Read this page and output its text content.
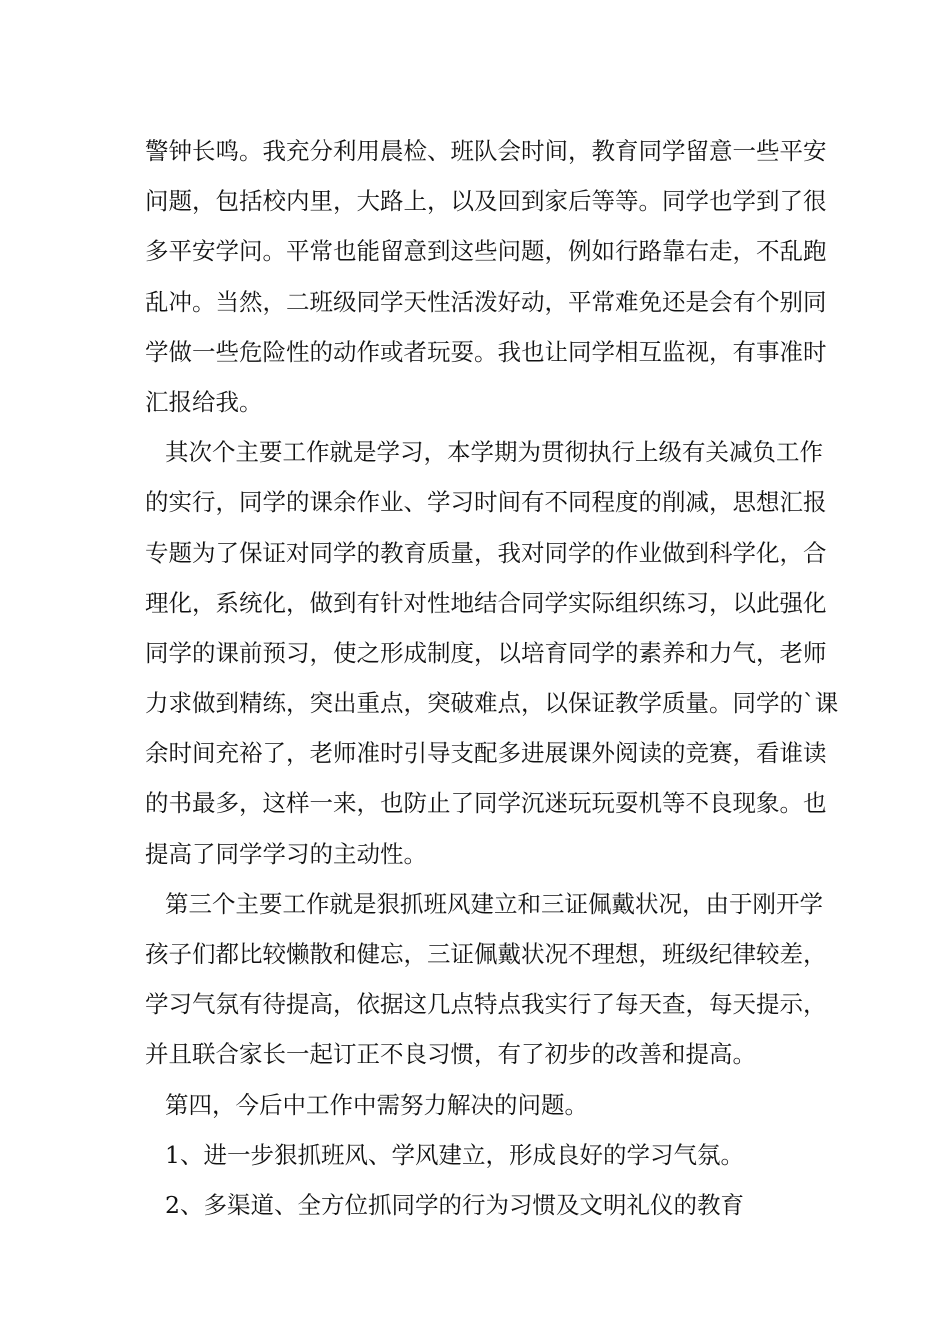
警钟长鸣。我充分利用晨检、班队会时间，教育同学留意一些平安
问题，包括校内里，大路上，以及回到家后等等。同学也学到了很
多平安学问。平常也能留意到这些问题，例如行路靠右走，不乱跑
乱冲。当然，二班级同学天性活泼好动，平常难免还是会有个别同
学做一些危险性的动作或者玩耍。我也让同学相互监视，有事准时
汇报给我。
其次个主要工作就是学习，本学期为贯彻执行上级有关减负工作
的实行，同学的课余作业、学习时间有不同程度的削减，思想汇报
专题为了保证对同学的教育质量，我对同学的作业做到科学化，合
理化，系统化，做到有针对性地结合同学实际组织练习，以此强化
同学的课前预习，使之形成制度，以培育同学的素养和力气，老师
力求做到精练，突出重点，突破难点，以保证教学质量。同学的`课
余时间充裕了，老师准时引导支配多进展课外阅读的竞赛，看谁读
的书最多，这样一来，也防止了同学沉迷玩玩耍机等不良现象。也
提高了同学学习的主动性。
第三个主要工作就是狠抓班风建立和三证佩戴状况，由于刚开学
孩子们都比较懒散和健忘，三证佩戴状况不理想，班级纪律较差，
学习气氛有待提高，依据这几点特点我实行了每天查，每天提示，
并且联合家长一起订正不良习惯，有了初步的改善和提高。
第四，今后中工作中需努力解决的问题。
1、进一步狠抓班风、学风建立，形成良好的学习气氛。
2、多渠道、全方位抓同学的行为习惯及文明礼仪的教育
